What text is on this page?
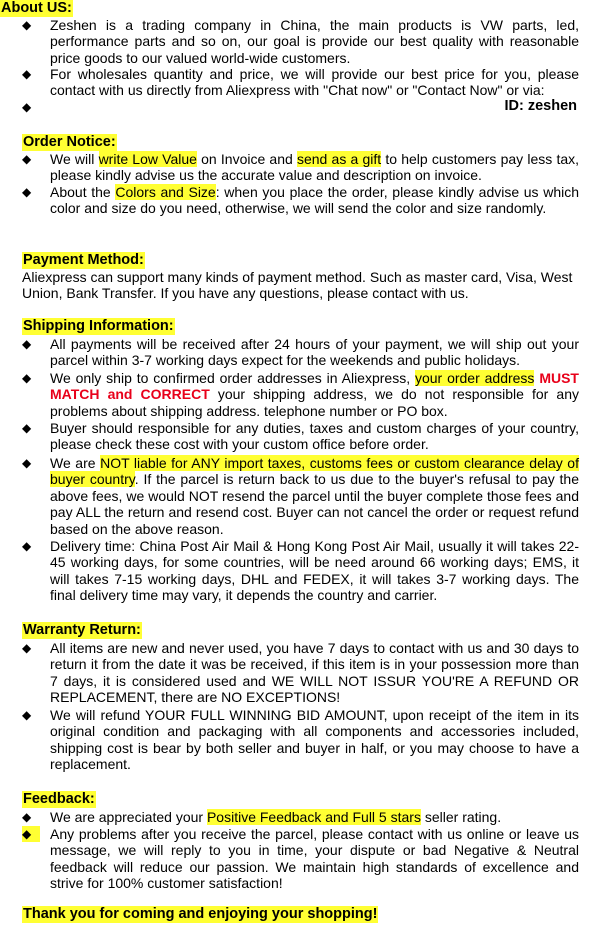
About US:
◆	Zeshen is a trading company in China, the main products is VW parts, led, performance parts and so on, our goal is provide our best quality with reasonable price goods to our valued world-wide customers.
◆	For wholesales quantity and price, we will provide our best price for you, please contact with us directly from Aliexpress with "Chat now" or "Contact Now" or via:
◆	ID: zeshen
Order Notice:
◆	We will write Low Value on Invoice and send as a gift to help customers pay less tax, please kindly advise us the accurate value and description on invoice.
◆	About the Colors and Size: when you place the order, please kindly advise us which color and size do you need, otherwise, we will send the color and size randomly.
Payment Method:
Aliexpress can support many kinds of payment method. Such as master card, Visa, West Union, Bank Transfer. If you have any questions, please contact with us.
Shipping Information:
◆	All payments will be received after 24 hours of your payment, we will ship out your parcel within 3-7 working days expect for the weekends and public holidays.
◆	We only ship to confirmed order addresses in Aliexpress, your order address MUST MATCH and CORRECT your shipping address, we do not responsible for any problems about shipping address. telephone number or PO box.
◆	Buyer should responsible for any duties, taxes and custom charges of your country, please check these cost with your custom office before order.
◆	We are NOT liable for ANY import taxes, customs fees or custom clearance delay of buyer country. If the parcel is return back to us due to the buyer's refusal to pay the above fees, we would NOT resend the parcel until the buyer complete those fees and pay ALL the return and resend cost. Buyer can not cancel the order or request refund based on the above reason.
◆	Delivery time: China Post Air Mail & Hong Kong Post Air Mail, usually it will takes 22-45 working days, for some countries, will be need around 66 working days; EMS, it will takes 7-15 working days, DHL and FEDEX, it will takes 3-7 working days. The final delivery time may vary, it depends the country and carrier.
Warranty Return:
◆	All items are new and never used, you have 7 days to contact with us and 30 days to return it from the date it was be received, if this item is in your possession more than 7 days, it is considered used and WE WILL NOT ISSUR YOU'RE A REFUND OR REPLACEMENT, there are NO EXCEPTIONS!
◆	We will refund YOUR FULL WINNING BID AMOUNT, upon receipt of the item in its original condition and packaging with all components and accessories included, shipping cost is bear by both seller and buyer in half, or you may choose to have a replacement.
Feedback:
◆	We are appreciated your Positive Feedback and Full 5 stars seller rating.
◆	Any problems after you receive the parcel, please contact with us online or leave us message, we will reply to you in time, your dispute or bad Negative & Neutral feedback will reduce our passion. We maintain high standards of excellence and strive for 100% customer satisfaction!
Thank you for coming and enjoying your shopping!
